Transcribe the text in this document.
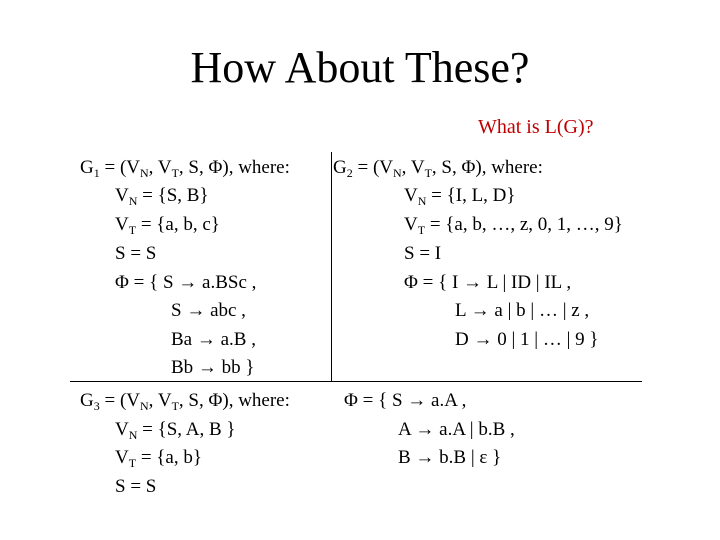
How About These?
What is L(G)?
$G_1 = (V_N$, $V_T$, S, Φ), where:
$V_N = \{S$, B}
$V_T = \{a$, b, c}
S = S
Φ = { S → a.BSc ,
S → abc ,
Ba → a.B ,
Bb → bb }
$G_2 = (V_N$, $V_T$, S, Φ), where:
$V_N = \{I$, L, D}
$V_T = \{a$, b, …, z, 0, 1, …, 9}
S = I
Φ = { I → L | ID | IL ,
L → a | b | … | z ,
D → 0 | 1 | … | 9 }
$G_3 = (V_N$, $V_T$, S, Φ), where:
$V_N = \{S$, A, B }
$V_T = \{a$, b}
S = S
Φ = { S → a.A ,
A → a.A | b.B ,
B → b.B | ε }
